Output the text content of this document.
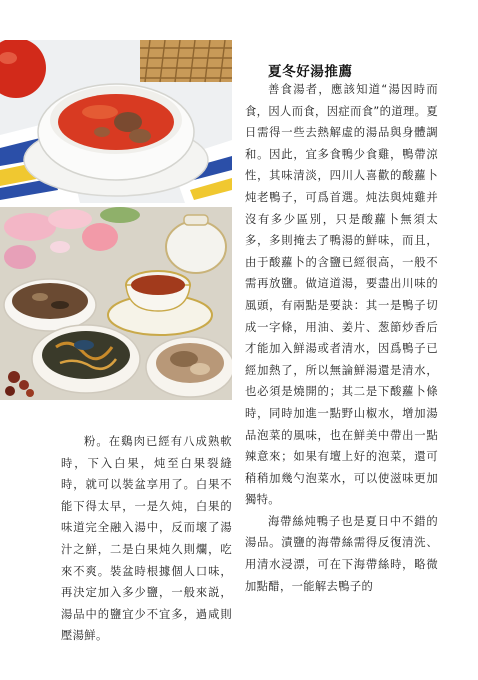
夏冬好湯推薦

善食湯者，應該知道“湯因時而食，因人而食，因症而食”的道理。夏日需得一些去熱解虛的湯品與身體調和。因此，宜多食鴨少食雞，鴨帶涼性，其味清淡，四川人喜歡的酸蘿卜炖老鴨子，可爲首選。炖法與炖雞并沒有多少區別，只是酸蘿卜無須太多，多則掩去了鴨湯的鮮味，而且，由于酸蘿卜的含鹽已經很高，一般不需再放鹽。做這道湯，要盡出川味的風頭，有兩點是要訣：其一是鴨子切成一字條，用油、姜片、葱節炒香后才能加入鮮湯或者清水，因爲鴨子已經加熱了，所以無論鮮湯還是清水，也必須是燒開的；其二是下酸蘿卜條時，同時加進一點野山椒水，增加湯品泡菜的風味，也在鮮美中帶出一點辣意來；如果有壇上好的泡菜，還可稍稍加幾勺泡菜水，可以使滋味更加獨特。

海帶絲炖鴨子也是夏日中不錯的湯品。漬鹽的海帶絲需得反復清洗、用清水浸漂，可在下海帶絲時，略微加點醋，一能解去鴨子的

粉。在鷄肉已經有八成熟軟時，下入白果，炖至白果裂縫時，就可以裝盆享用了。白果不能下得太早，一是久炖，白果的味道完全融入湯中，反而壞了湯汁之鮮，二是白果炖久則爛，吃來不爽。裝盆時根據個人口味，再決定加入多少鹽，一般來説，湯品中的鹽宜少不宜多，過咸則壓湯鮮。
